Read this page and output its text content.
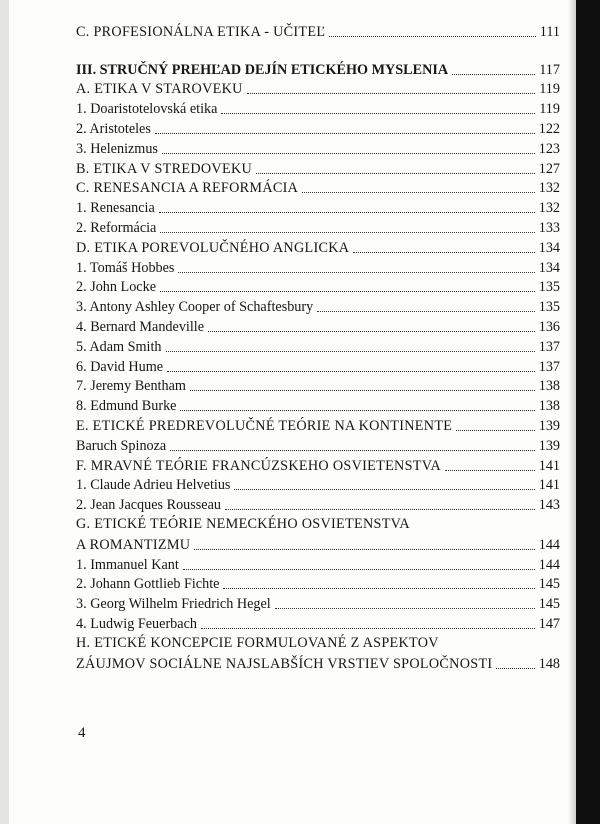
C. PROFESIONÁLNA ETIKA - UČITEĽ	111
III. STRUČNÝ PREHĽAD DEJÍN ETICKÉHO MYSLENIA	117
A. ETIKA V STAROVEKU	119
1. Doaristotelovská etika	119
2. Aristoteles	122
3. Helenizmus	123
B. ETIKA V STREDOVEKU	127
C. RENESANCIA A REFORMÁCIA	132
1. Renesancia	132
2. Reformácia	133
D. ETIKA POREVOLUČNÉHO ANGLICKA	134
1. Tomáš Hobbes	134
2. John Locke	135
3. Antony Ashley Cooper of Schaftesbury	135
4. Bernard Mandeville	136
5. Adam Smith	137
6. David Hume	137
7. Jeremy Bentham	138
8. Edmund Burke	138
E. ETICKÉ PREDREVOLUČNÉ TEÓRIE NA KONTINENTE	139
Baruch Spinoza	139
F. MRAVNÉ TEÓRIE FRANCÚZSKEHO OSVIETENSTVA	141
1. Claude Adrieu Helvetius	141
2. Jean Jacques Rousseau	143
G. ETICKÉ TEÓRIE NEMECKÉHO OSVIETENSTVA
A ROMANTIZMU	144
1. Immanuel Kant	144
2. Johann Gottlieb Fichte	145
3. Georg Wilhelm Friedrich Hegel	145
4. Ludwig Feuerbach	147
H. ETICKÉ KONCEPCIE FORMULOVANÉ Z ASPEKTOV
ZÁUJMOV SOCIÁLNE NAJSLABŠÍCH VRSTIEV SPOLOČNOSTI	148
4
